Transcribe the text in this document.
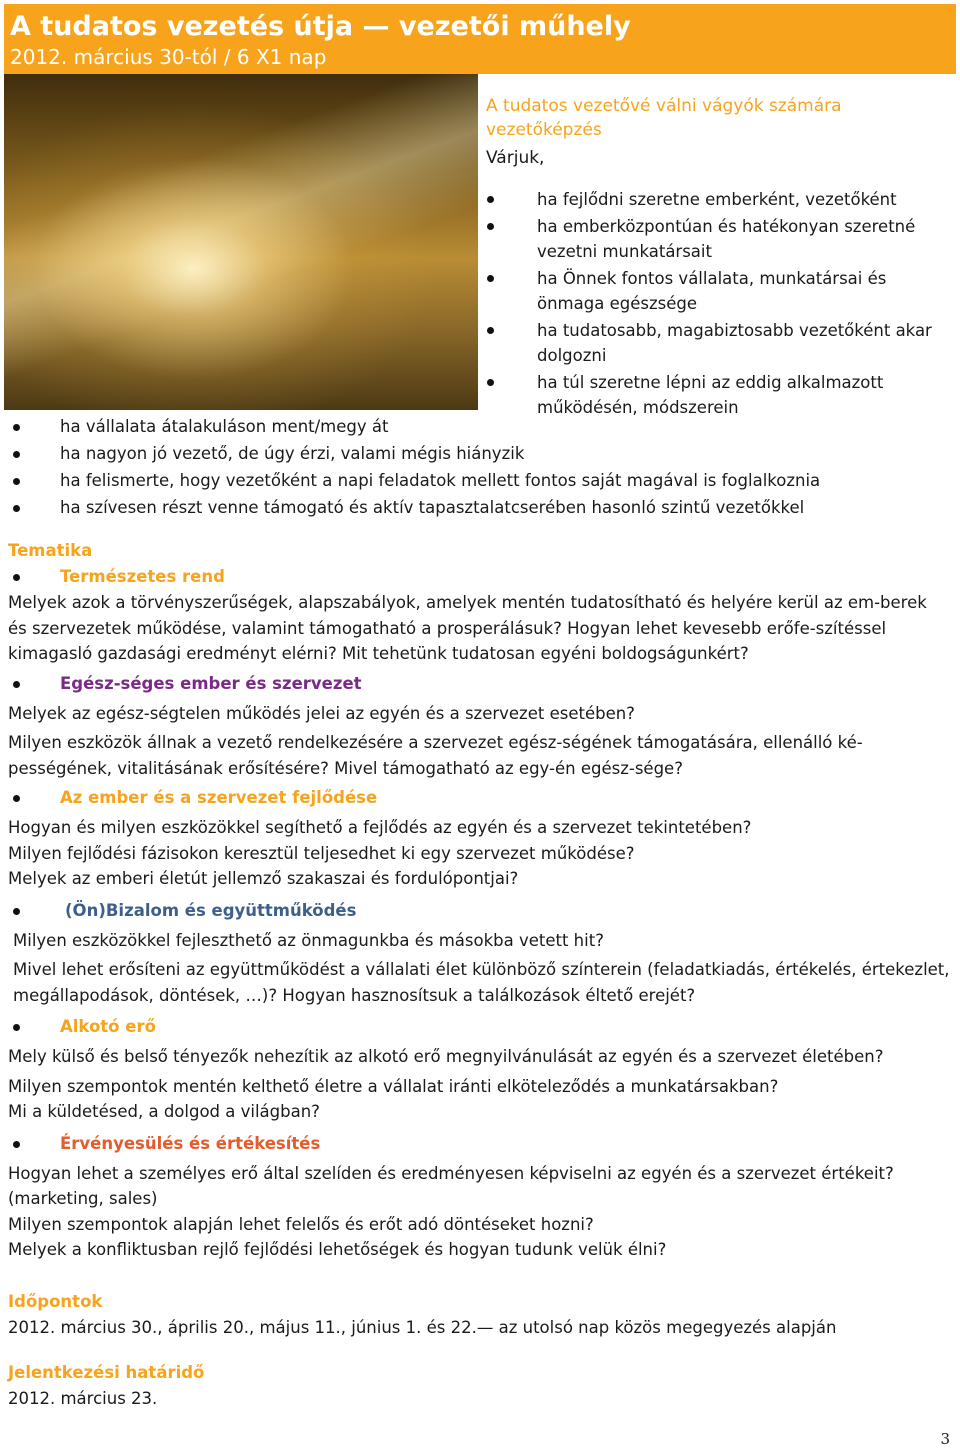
A tudatos vezetés útja — vezetői műhely
2012. március 30-tól / 6 X1 nap
A tudatos vezetővé válni vágyók számára
vezetőképzés
Várjuk,
ha fejlődni szeretne emberként, vezetőként
ha emberközpontúan és hatékonyan szeretné vezetni munkatársait
ha Önnek fontos vállalata, munkatársai és önmaga egészsége
ha tudatosabb, magabiztosabb vezetőként akar dolgozni
ha túl szeretne lépni az eddig alkalmazott működésén, módszerein
ha vállalata átalakuláson ment/megy át
ha nagyon jó vezető, de úgy érzi, valami mégis hiányzik
ha felismerte, hogy vezetőként a napi feladatok mellett fontos saját magával is foglalkoznia
ha szívesen részt venne támogató és aktív tapasztalatcserében hasonló szintű vezetőkkel
Tematika
Természetes rend

Melyek azok a törvényszerűségek, alapszabályok, amelyek mentén tudatosítható és helyére kerül az em-berek és szervezetek működése, valamint támogatható a prosperálásuk? Hogyan lehet kevesebb erőfe-szítéssel kimagasló gazdasági eredményt elérni? Mit tehetünk tudatosan egyéni boldogságunkért?

Egész-séges ember és szervezet

Melyek az egész-ségtelen működés jelei az egyén és a szervezet esetében?

Milyen eszközök állnak a vezető rendelkezésére a szervezet egész-ségének támogatására, ellenálló ké-pességének, vitalitásának erősítésére? Mivel támogatható az egy-én egész-sége?

Az ember és a szervezet fejlődése

Hogyan és milyen eszközökkel segíthető a fejlődés az egyén és a szervezet tekintetében?

Milyen fejlődési fázisokon keresztül teljesedhet ki egy szervezet működése?

Melyek az emberi életút jellemző szakaszai és fordulópontjai?

(Ön)Bizalom és együttműködés

Milyen eszközökkel fejleszthető az önmagunkba és másokba vetett hit?

Mivel lehet erősíteni az együttműködést a vállalati élet különböző színterein (feladatkiadás, értékelés, értekezlet, megállapodások, döntések, …)? Hogyan hasznosítsuk a találkozások éltető erejét?

Alkotó erő

Mely külső és belső tényezők nehezítik az alkotó erő megnyilvánulását az egyén és a szervezet életében?

Milyen szempontok mentén kelthető életre a vállalat iránti elköteleződés a munkatársakban?

Mi a küldetésed, a dolgod a világban?

Érvényesülés és értékesítés

Hogyan lehet a személyes erő által szelíden és eredményesen képviselni az egyén és a szervezet értékeit? (marketing, sales)

Milyen szempontok alapján lehet felelős és erőt adó döntéseket hozni?

Melyek a konfliktusban rejlő fejlődési lehetőségek és hogyan tudunk velük élni?

Időpontok

2012. március 30., április 20., május 11., június 1. és 22.— az utolsó nap közös megegyezés alapján

Jelentkezési határidő

2012. március 23.

3
